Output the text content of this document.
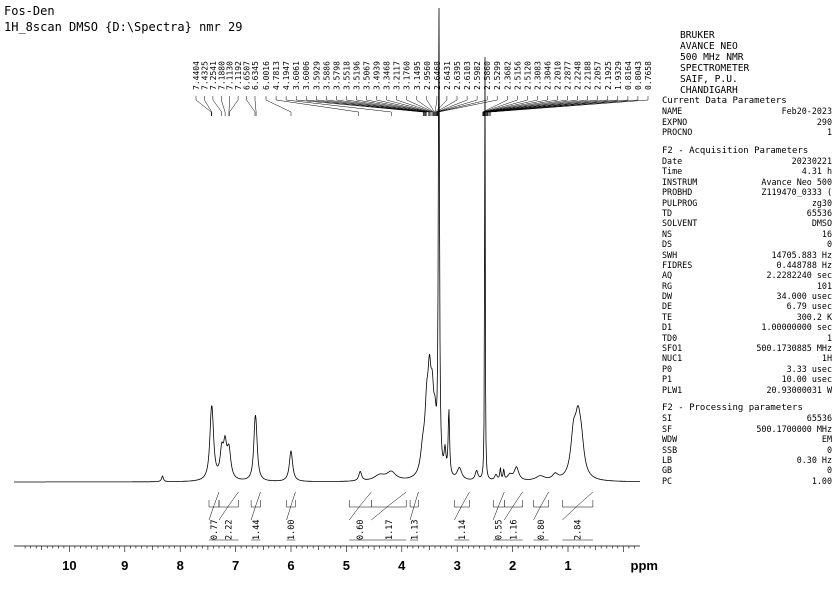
Fos-Den
1H_8scan DMSO {D:\Spectra} nmr 29
7.4404 7.4325 7.2541 7.1880 7.1130 7.1192 6.6507 6.6345 6.0016 4.7813 4.1947 3.6061 3.6006 3.5929 3.5886 3.5798 3.5518 3.5196 3.5067 3.4939 3.3468 3.2117 3.1760 3.1495 2.9560 2.6468 2.6431 2.6395 2.6103 2.5982 2.5860 2.5299 2.3682 2.5156 2.5120 2.3083 2.3046 2.2010 2.2877 2.2248 2.2188 2.2057 2.1925 1.9329 0.8164 0.8043 0.7658
0.77 2.22 1.44	1.00	0.60 1.17 1.13	1.14	0.55 1.16 0.80	2.84
10	9	8	7	6	5	4	3	2	1	ppm
BRUKER
AVANCE NEO
500 MHz NMR
SPECTROMETER
SAIF, P.U.
CHANDIGARH
Current Data Parameters
NAME	Feb20-2023
EXPNO	290
PROCNO	1
F2 - Acquisition Parameters
Date	20230221
Time	4.31 h
INSTRUM	Avance Neo 500
PROBHD	Z119470_0333 (
PULPROG	zg30
TD	65536
SOLVENT	DMSO
NS	16
DS	0
SWH	14705.883 Hz
FIDRES	0.448788 Hz
AQ	2.2282240 sec
RG	101
DW	34.000 usec
DE	6.79 usec
TE	300.2 K
D1	1.00000000 sec
TD0	1
SFO1	500.1730885 MHz
NUC1	1H
P0	3.33 usec
P1	10.00 usec
PLW1	20.93000031 W
F2 - Processing parameters
SI	65536
SF	500.1700000 MHz
WDW	EM
SSB	0
LB	0.30 Hz
GB	0
PC	1.00
